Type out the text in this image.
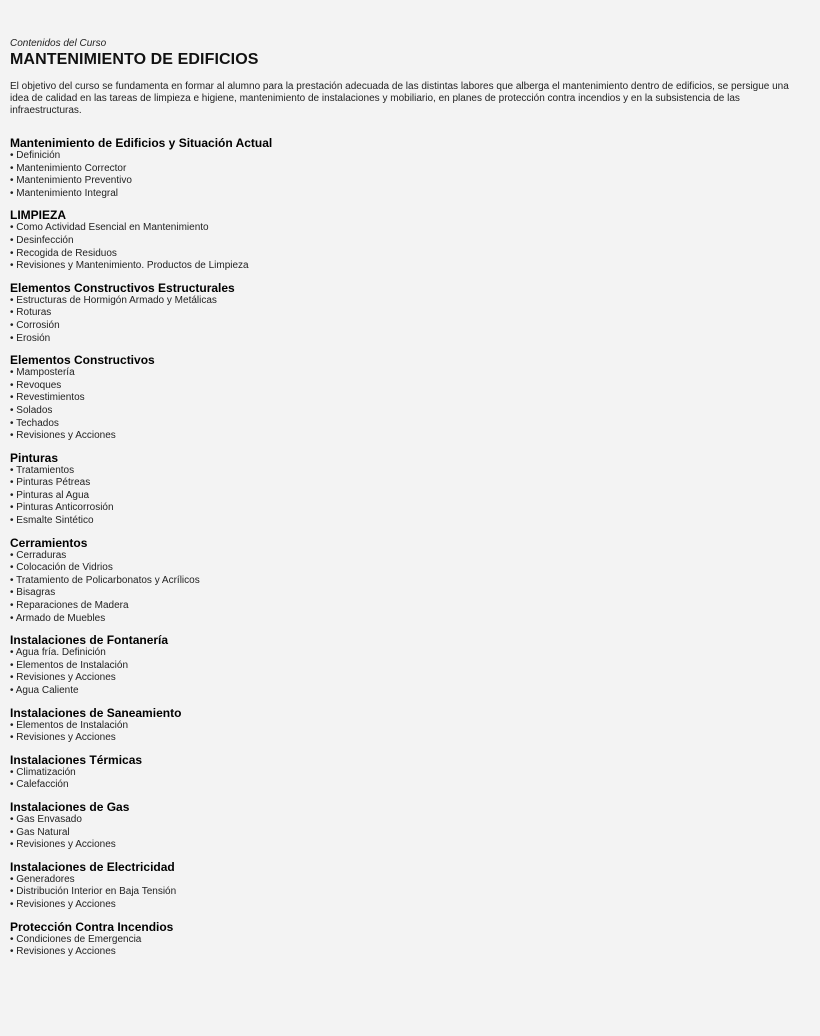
Contenidos del Curso
MANTENIMIENTO DE EDIFICIOS

El objetivo del curso se fundamenta en formar al alumno para la prestación adecuada de las distintas labores que alberga el mantenimiento dentro de edificios, se persigue una idea de calidad en las tareas de limpieza e higiene, mantenimiento de instalaciones y mobiliario, en planes de protección contra incendios y en la subsistencia de las infraestructuras.

Mantenimiento de Edificios y Situación Actual
• Definición
• Mantenimiento Corrector
• Mantenimiento Preventivo
• Mantenimiento Integral
LIMPIEZA
• Como Actividad Esencial en Mantenimiento
• Desinfección
• Recogida de Residuos
• Revisiones y Mantenimiento. Productos de Limpieza
Elementos Constructivos Estructurales
• Estructuras de Hormigón Armado y Metálicas
• Roturas
• Corrosión
• Erosión
Elementos Constructivos
• Mampostería
• Revoques
• Revestimientos
• Solados
• Techados
• Revisiones y Acciones
Pinturas
• Tratamientos
• Pinturas Pétreas
• Pinturas al Agua
• Pinturas Anticorrosión
• Esmalte Sintético
Cerramientos
• Cerraduras
• Colocación de Vidrios
• Tratamiento de Policarbonatos y Acrílicos
• Bisagras
• Reparaciones de Madera
• Armado de Muebles
Instalaciones de Fontanería
• Agua fría. Definición
• Elementos de Instalación
• Revisiones y Acciones
• Agua Caliente
Instalaciones de Saneamiento
• Elementos de Instalación
• Revisiones y Acciones
Instalaciones Térmicas
• Climatización
• Calefacción
Instalaciones de Gas
• Gas Envasado
• Gas Natural
• Revisiones y Acciones
Instalaciones de Electricidad
• Generadores
• Distribución Interior en Baja Tensión
• Revisiones y Acciones
Protección Contra Incendios
• Condiciones de Emergencia
• Revisiones y Acciones
